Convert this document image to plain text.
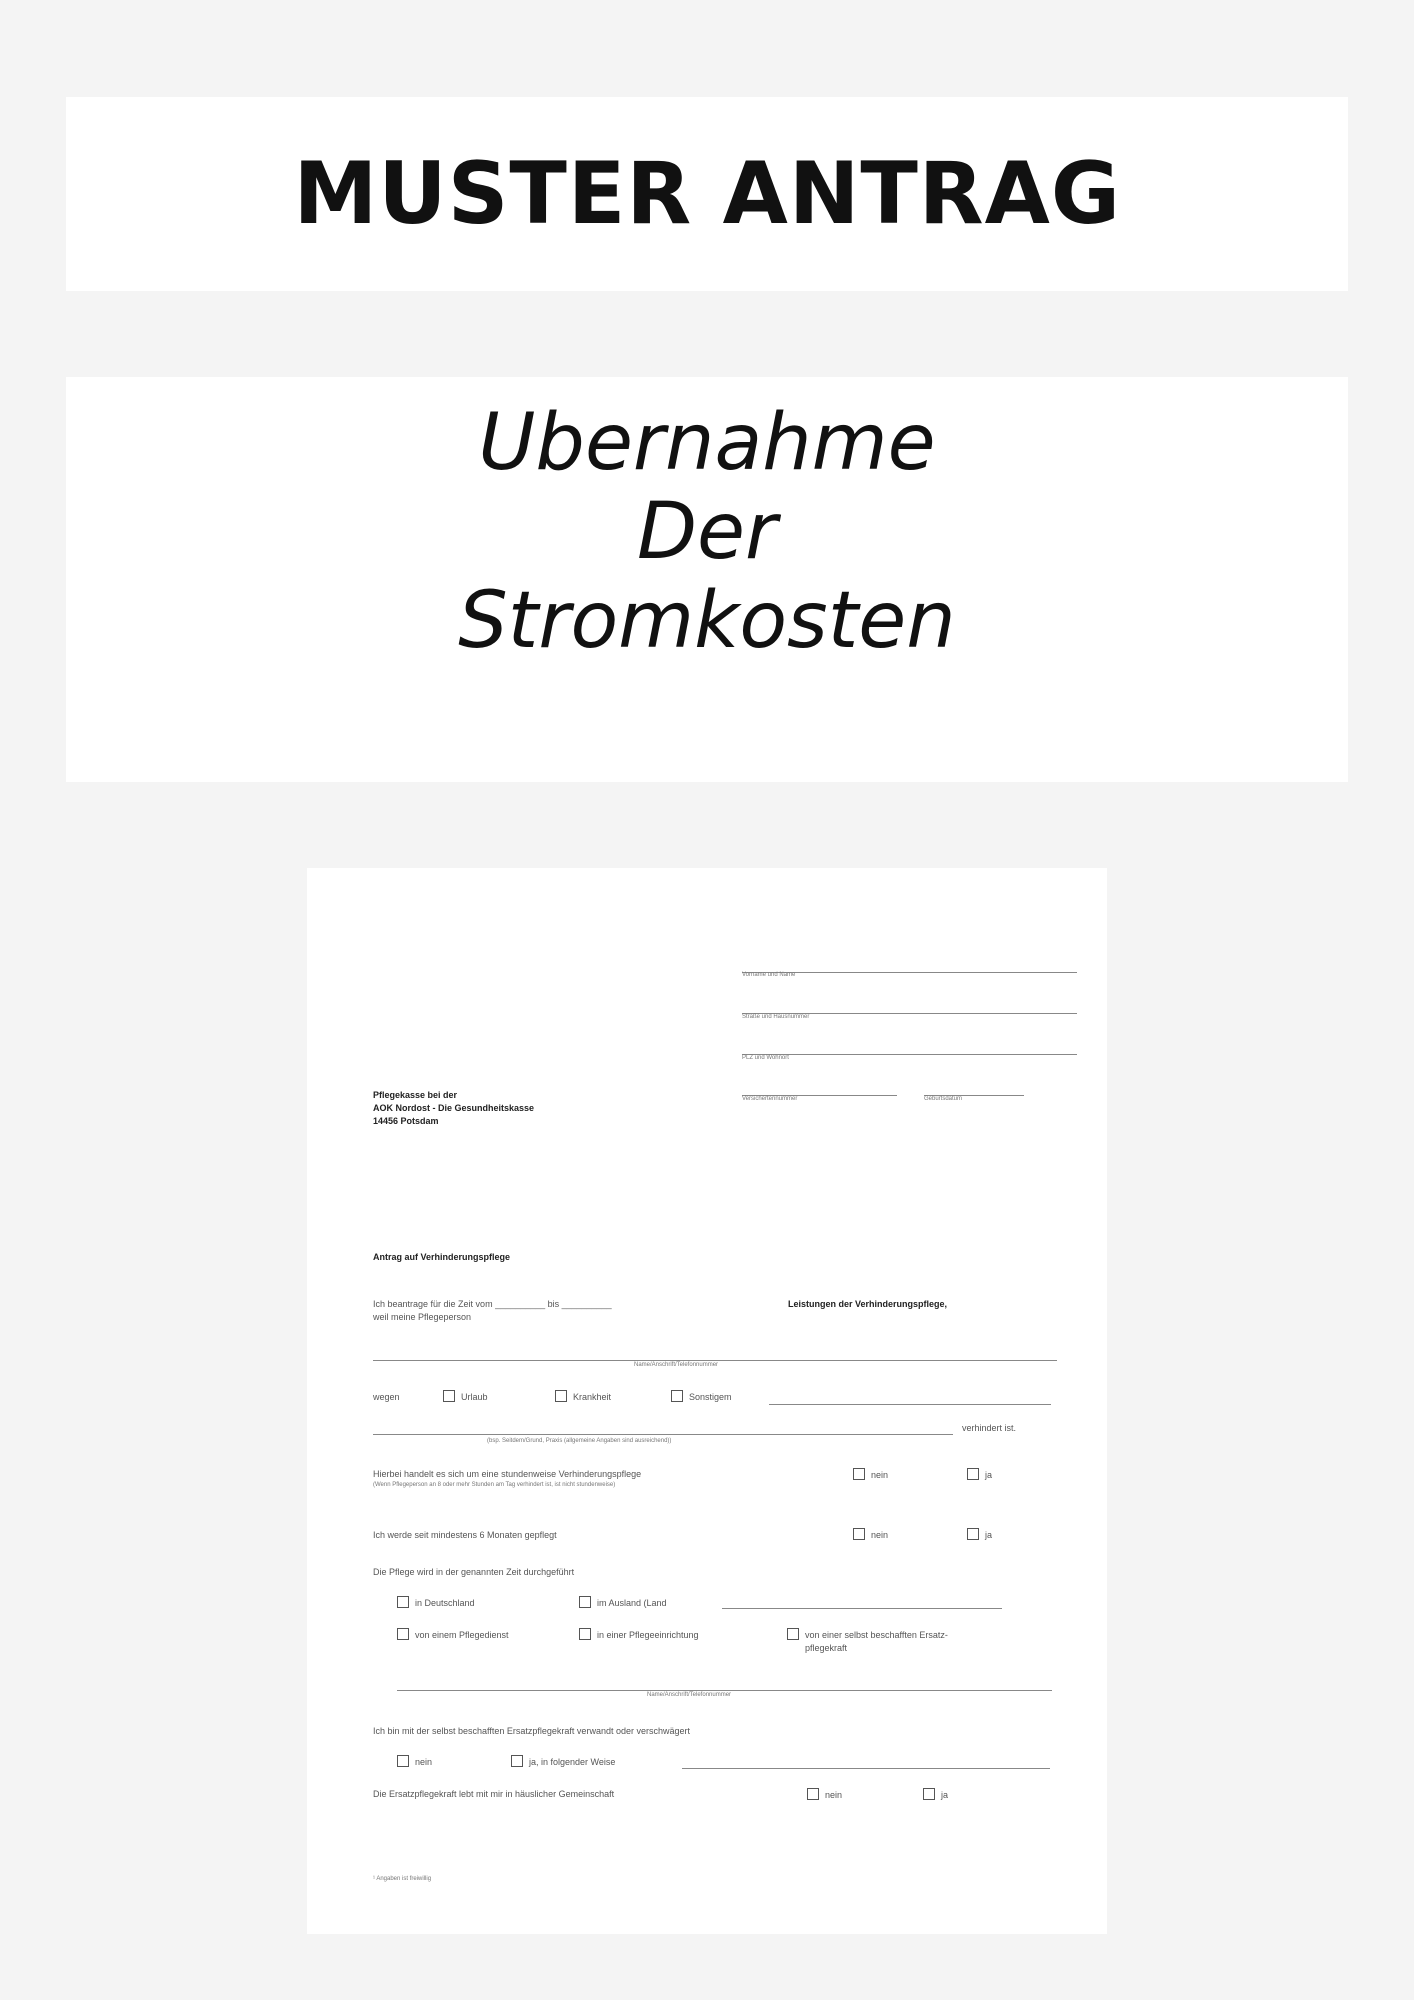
MUSTER ANTRAG
Ubernahme
Der
Stromkosten
Vorname und Name
Straße und Hausnummer
PLZ und Wohnort
Versichertennummer	Geburtsdatum
Pflegekasse bei der
AOK Nordost - Die Gesundheitskasse
14456 Potsdam
Antrag auf Verhinderungspflege
Ich beantrage für die Zeit vom __________ bis __________	Leistungen der Verhinderungspflege,
weil meine Pflegeperson
Name/Anschrift/Telefonnummer
wegen	Urlaub	Krankheit	Sonstigem
verhindert ist.
(bsp. Seitdem/Grund, Praxis (allgemeine Angaben sind ausreichend))
Hierbei handelt es sich um eine stundenweise Verhinderungspflege
(Wenn Pflegeperson an 8 oder mehr Stunden am Tag verhindert ist, ist nicht stundenweise)
nein	ja
Ich werde seit mindestens 6 Monaten gepflegt	nein	ja
Die Pflege wird in der genannten Zeit durchgeführt
in Deutschland	im Ausland (Land
von einem Pflegedienst	in einer Pflegeeinrichtung	von einer selbst beschafften Ersatz-
pflegekraft
Name/Anschrift/Telefonnummer
Ich bin mit der selbst beschafften Ersatzpflegekraft verwandt oder verschwägert
nein	ja, in folgender Weise
Die Ersatzpflegekraft lebt mit mir in häuslicher Gemeinschaft	nein	ja
¹ Angaben ist freiwillig
